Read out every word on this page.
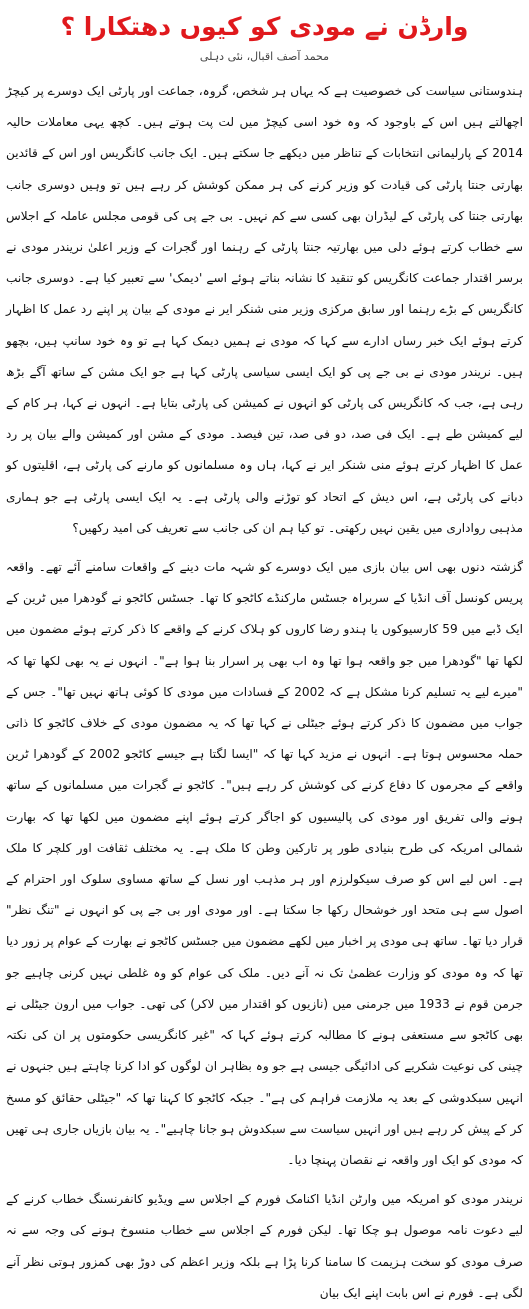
وارڈن نے مودی کو کیوں دھتکارا ؟
محمد آصف اقبال، نئی دہلی

ہندوستانی سیاست کی خصوصیت ہے کہ یہاں ہر شخص، گروہ، جماعت اور پارٹی ایک دوسرے پر کیچڑ اچھالتے ہیں اس کے باوجود کہ وہ خود اسی کیچڑ میں لت پت ہوتے ہیں۔ کچھ یہی معاملات حالیہ 2014 کے پارلیمانی انتخابات کے تناظر میں دیکھے جا سکتے ہیں۔ ایک جانب کانگریس اور اس کے قائدین بھارتی جنتا پارٹی کی قیادت کو وزیر کرنے کی ہر ممکن کوشش کر رہے ہیں تو وہیں دوسری جانب بھارتی جنتا کی پارٹی کے لیڈران بھی کسی سے کم نہیں۔ بی جے پی کی قومی مجلس عاملہ کے اجلاس سے خطاب کرتے ہوئے دلی میں بھارتیہ جنتا پارٹی کے رہنما اور گجرات کے وزیر اعلیٰ نریندر مودی نے برسر اقتدار جماعت کانگریس کو تنقید کا نشانہ بناتے ہوئے اسے 'دیمک' سے تعبیر کیا ہے۔ دوسری جانب کانگریس کے بڑے رہنما اور سابق مرکزی وزیر منی شنکر ایر نے مودی کے بیان پر اپنے رد عمل کا اظہار کرتے ہوئے ایک خبر رساں ادارے سے کہا کہ مودی نے ہمیں دیمک کہا ہے تو وہ خود سانپ ہیں، بچھو ہیں۔ نریندر مودی نے بی جے پی کو ایک ایسی سیاسی پارٹی کہا ہے جو ایک مشن کے ساتھ آگے بڑھ رہی ہے، جب کہ کانگریس کی پارٹی کو انہوں نے کمیشن کی پارٹی بتایا ہے۔ انہوں نے کہا، ہر کام کے لیے کمیشن طے ہے۔ ایک فی صد، دو فی صد، تین فیصد۔ مودی کے مشن اور کمیشن والے بیان پر رد عمل کا اظہار کرتے ہوئے منی شنکر ایر نے کہا، ہاں وہ مسلمانوں کو مارنے کی پارٹی ہے، اقلیتوں کو دبانے کی پارٹی ہے، اس دیش کے اتحاد کو توڑنے والی پارٹی ہے۔ یہ ایک ایسی پارٹی ہے جو ہماری مذہبی رواداری میں یقین نہیں رکھتی۔ تو کیا ہم ان کی جانب سے تعریف کی امید رکھیں؟

گزشتہ دنوں بھی اس بیان بازی میں ایک دوسرے کو شہہ مات دینے کے واقعات سامنے آئے تھے۔ واقعہ پریس کونسل آف انڈیا کے سربراہ جسٹس مارکنڈے کاٹجو کا تھا۔ جسٹس کاٹجو نے گودھرا میں ٹرین کے ایک ڈبے میں 59 کارسیوکوں یا ہندو رضا کاروں کو ہلاک کرنے کے واقعے کا ذکر کرتے ہوئے مضمون میں لکھا تھا "گودھرا میں جو واقعہ ہوا تھا وہ اب بھی پر اسرار بنا ہوا ہے"۔ انہوں نے یہ بھی لکھا تھا کہ "میرے لیے یہ تسلیم کرنا مشکل ہے کہ 2002 کے فسادات میں مودی کا کوئی ہاتھ نہیں تھا"۔ جس کے جواب میں مضمون کا ذکر کرتے ہوئے جیٹلی نے کہا تھا کہ یہ مضمون مودی کے خلاف کاٹجو کا ذاتی حملہ محسوس ہوتا ہے۔ انہوں نے مزید کہا تھا کہ "ایسا لگتا ہے جیسے کاٹجو 2002 کے گودھرا ٹرین واقعے کے مجرموں کا دفاع کرنے کی کوشش کر رہے ہیں"۔ کاٹجو نے گجرات میں مسلمانوں کے ساتھ ہونے والی تفریق اور مودی کی پالیسیوں کو اجاگر کرتے ہوئے اپنے مضمون میں لکھا تھا کہ بھارت شمالی امریکہ کی طرح بنیادی طور پر تارکین وطن کا ملک ہے۔ یہ مختلف ثقافت اور کلچر کا ملک ہے۔ اس لیے اس کو صرف سیکولرزم اور ہر مذہب اور نسل کے ساتھ مساوی سلوک اور احترام کے اصول سے ہی متحد اور خوشحال رکھا جا سکتا ہے۔ اور مودی اور بی جے پی کو انہوں نے "تنگ نظر" قرار دیا تھا۔ ساتھ ہی مودی پر اخبار میں لکھے مضمون میں جسٹس کاٹجو نے بھارت کے عوام پر زور دیا تھا کہ وہ مودی کو وزارت عظمیٰ تک نہ آنے دیں۔ ملک کی عوام کو وہ غلطی نہیں کرنی چاہیے جو جرمن قوم نے 1933 میں جرمنی میں (نازیوں کو اقتدار میں لاکر) کی تھی۔ جواب میں ارون جیٹلی نے بھی کاٹجو سے مستعفی ہونے کا مطالبہ کرتے ہوئے کہا کہ "غیر کانگریسی حکومتوں پر ان کی نکتہ چینی کی نوعیت شکریے کی ادائیگی جیسی ہے جو وہ بظاہر ان لوگوں کو ادا کرنا چاہتے ہیں جنہوں نے انہیں سبکدوشی کے بعد یہ ملازمت فراہم کی ہے"۔ جبکہ کاٹجو کا کہنا تھا کہ "جیٹلی حقائق کو مسخ کر کے پیش کر رہے ہیں اور انہیں سیاست سے سبکدوش ہو جانا چاہیے"۔ یہ بیان بازیاں جاری ہی تھیں کہ مودی کو ایک اور واقعہ نے نقصان پہنچا دیا۔

نریندر مودی کو امریکہ میں وارٹن انڈیا اکنامک فورم کے اجلاس سے ویڈیو کانفرنسنگ خطاب کرنے کے لیے دعوت نامہ موصول ہو چکا تھا۔ لیکن فورم کے اجلاس سے خطاب منسوخ ہونے کی وجہ سے نہ صرف مودی کو سخت ہزیمت کا سامنا کرنا پڑا ہے بلکہ وزیر اعظم کی دوڑ بھی کمزور ہوتی نظر آنے لگی ہے۔ فورم نے اس بابت اپنے ایک بیان
